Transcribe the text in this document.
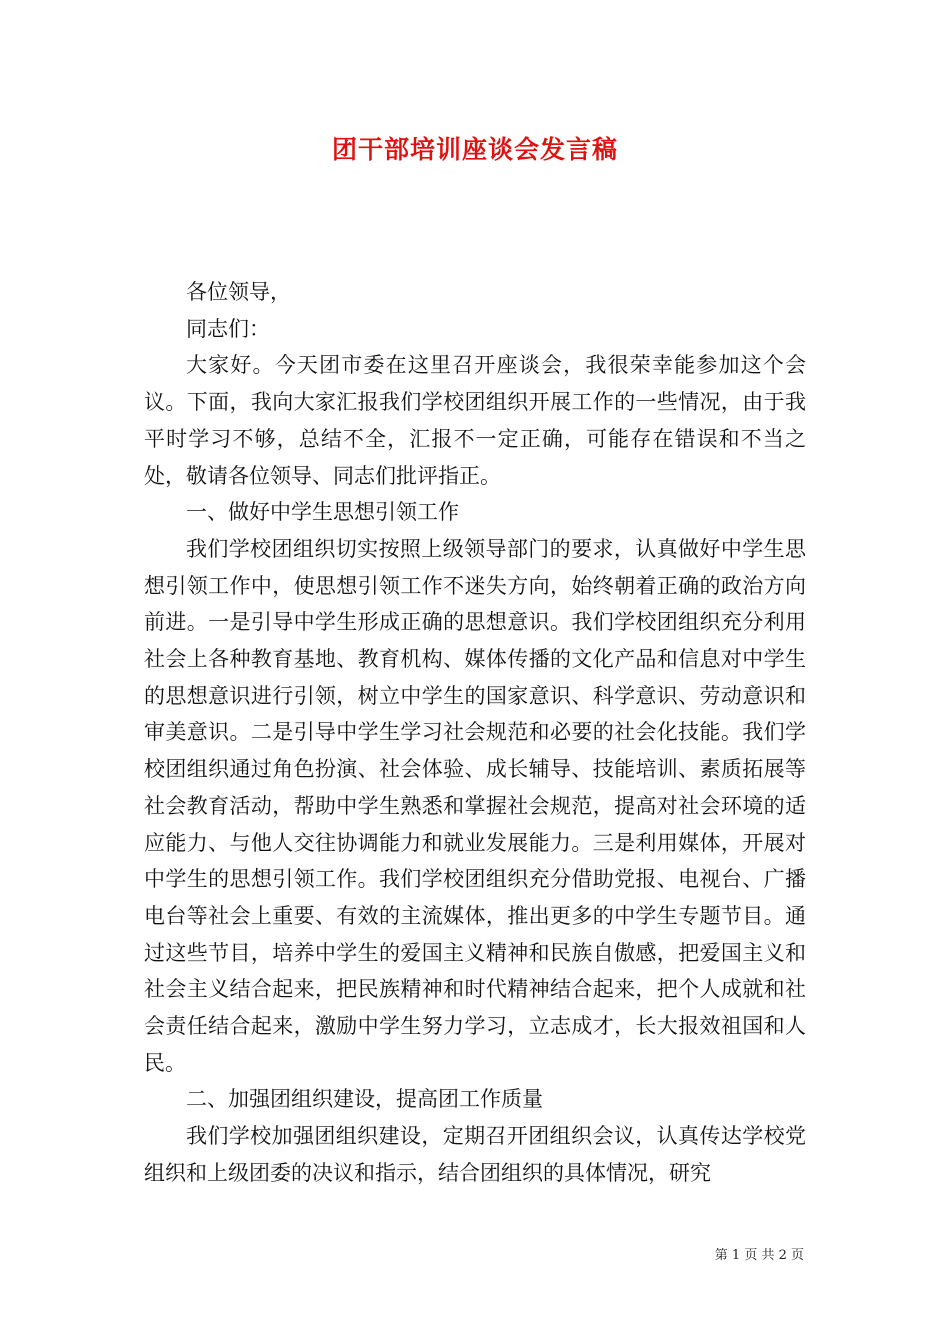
团干部培训座谈会发言稿

各位领导，

同志们：

大家好。今天团市委在这里召开座谈会，我很荣幸能参加这个会议。下面，我向大家汇报我们学校团组织开展工作的一些情况，由于我平时学习不够，总结不全，汇报不一定正确，可能存在错误和不当之处，敬请各位领导、同志们批评指正。

一、做好中学生思想引领工作

我们学校团组织切实按照上级领导部门的要求，认真做好中学生思想引领工作中，使思想引领工作不迷失方向，始终朝着正确的政治方向前进。一是引导中学生形成正确的思想意识。我们学校团组织充分利用社会上各种教育基地、教育机构、媒体传播的文化产品和信息对中学生的思想意识进行引领，树立中学生的国家意识、科学意识、劳动意识和审美意识。二是引导中学生学习社会规范和必要的社会化技能。我们学校团组织通过角色扮演、社会体验、成长辅导、技能培训、素质拓展等社会教育活动，帮助中学生熟悉和掌握社会规范，提高对社会环境的适应能力、与他人交往协调能力和就业发展能力。三是利用媒体，开展对中学生的思想引领工作。我们学校团组织充分借助党报、电视台、广播电台等社会上重要、有效的主流媒体，推出更多的中学生专题节目。通过这些节目，培养中学生的爱国主义精神和民族自傲感，把爱国主义和社会主义结合起来，把民族精神和时代精神结合起来，把个人成就和社会责任结合起来，激励中学生努力学习，立志成才，长大报效祖国和人民。

二、加强团组织建设，提高团工作质量

我们学校加强团组织建设，定期召开团组织会议，认真传达学校党组织和上级团委的决议和指示，结合团组织的具体情况，研究

第 1 页 共 2 页
